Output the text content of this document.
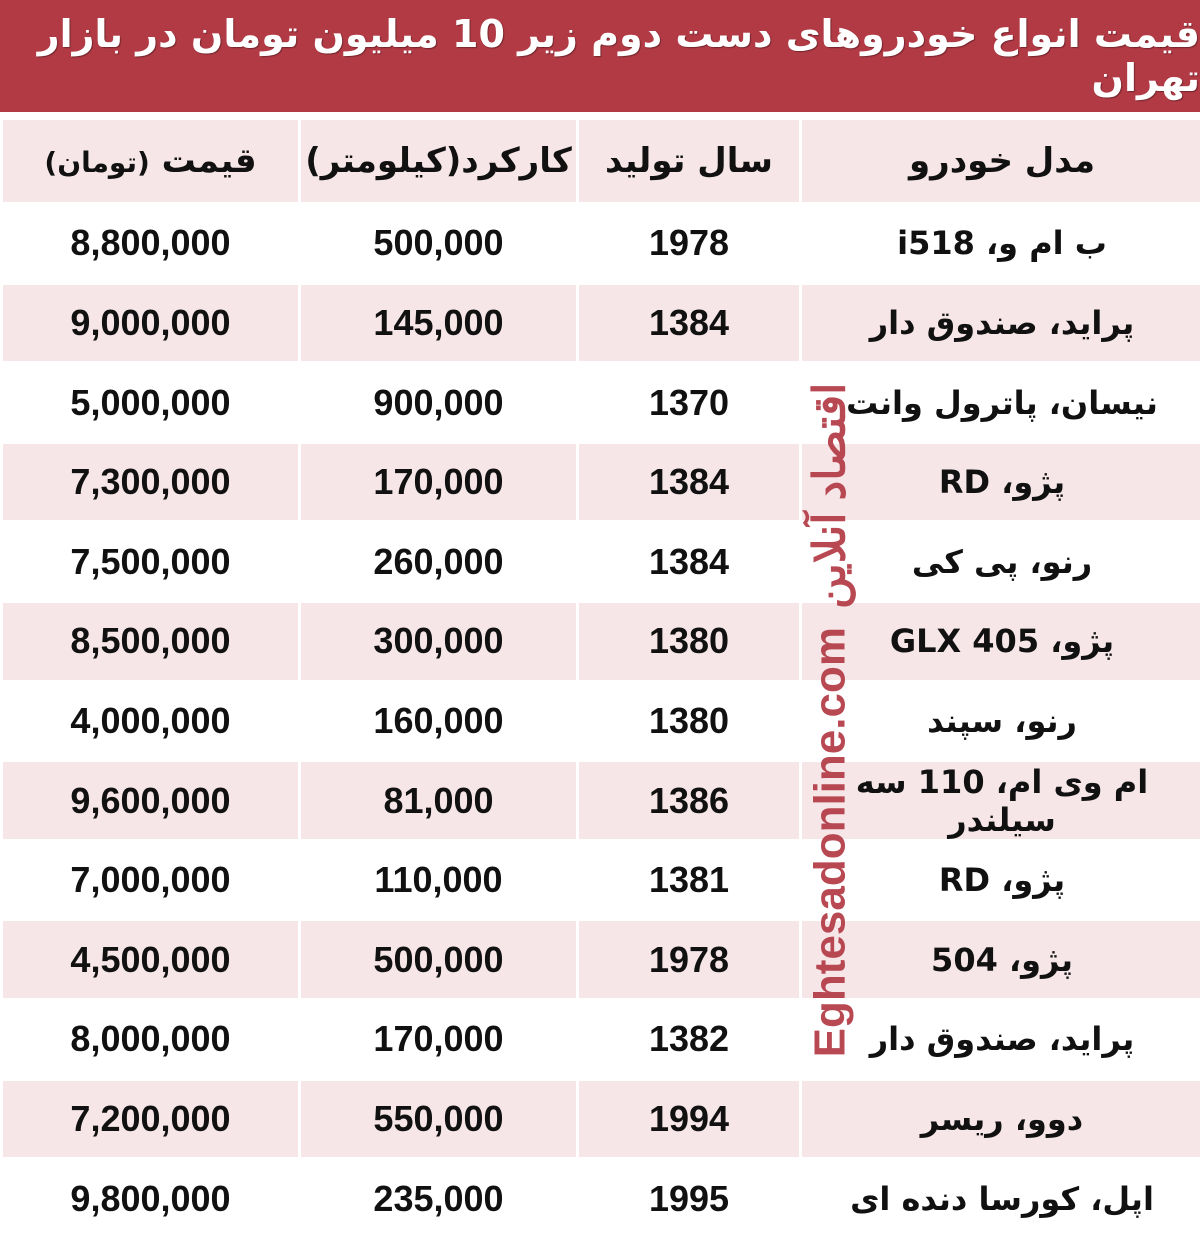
قیمت انواع خودروهای دست دوم زیر 10 میلیون تومان در بازار تهران
مدل خودرو	سال تولید	کارکرد(کیلومتر)	قیمت (تومان)
ب ام و، i518	1978	500,000	8,800,000
پراید، صندوق دار	1384	145,000	9,000,000
نیسان، پاترول وانت	1370	900,000	5,000,000
پژو، RD	1384	170,000	7,300,000
رنو، پی کی	1384	260,000	7,500,000
پژو، 405 GLX	1380	300,000	8,500,000
رنو، سپند	1380	160,000	4,000,000
ام وی ام، 110 سه سیلندر	1386	81,000	9,600,000
پژو، RD	1381	110,000	7,000,000
پژو، 504	1978	500,000	4,500,000
پراید، صندوق دار	1382	170,000	8,000,000
دوو، ریسر	1994	550,000	7,200,000
اپل، کورسا دنده ای	1995	235,000	9,800,000
Eghtesadonline.com
اقتصاد آنلاین
